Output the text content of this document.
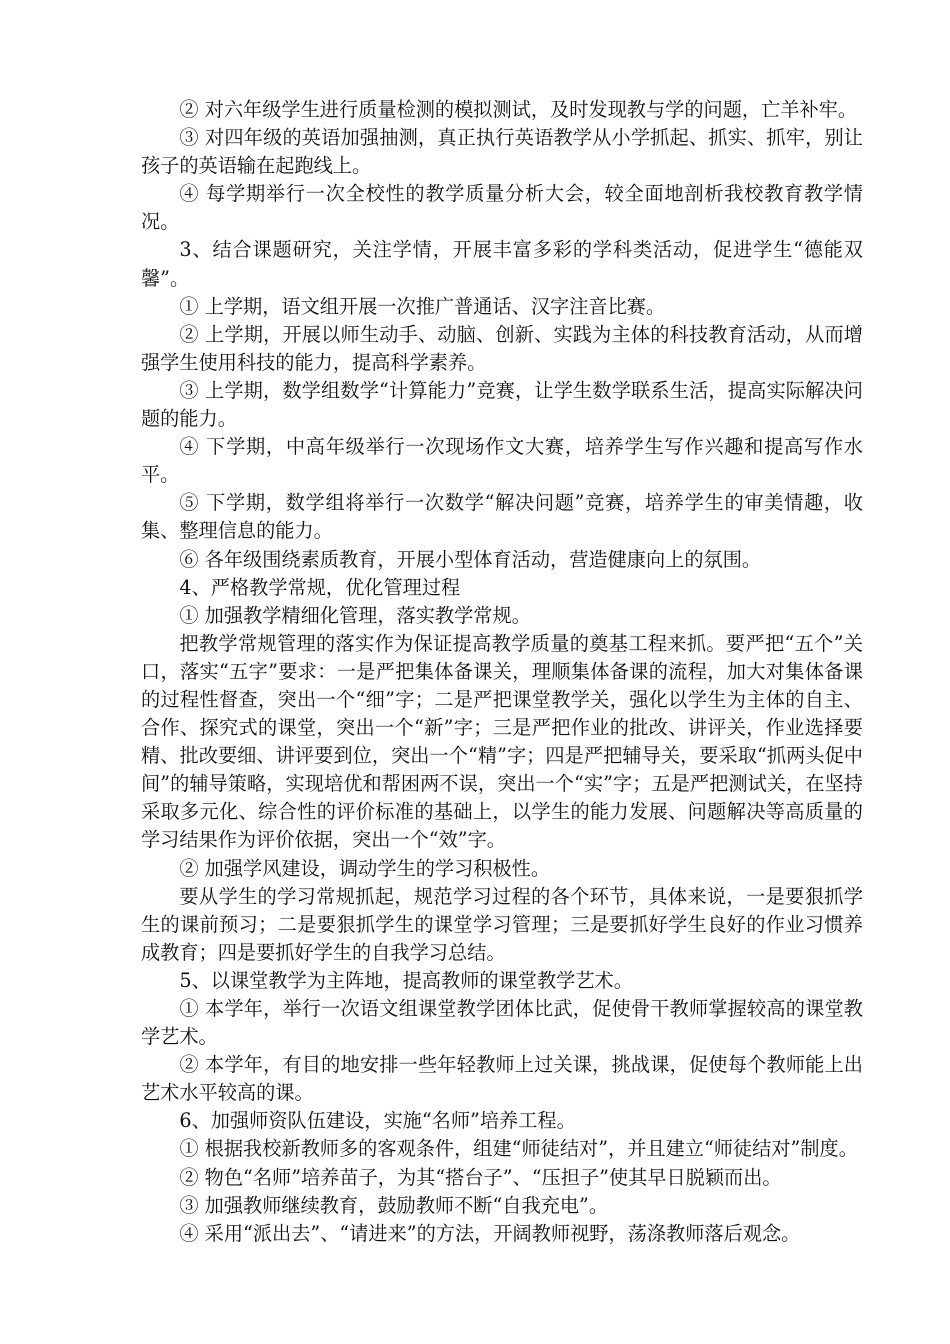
② 对六年级学生进行质量检测的模拟测试，及时发现教与学的问题，亡羊补牢。

③ 对四年级的英语加强抽测，真正执行英语教学从小学抓起、抓实、抓牢，别让孩子的英语输在起跑线上。

④ 每学期举行一次全校性的教学质量分析大会，较全面地剖析我校教育教学情况。

3、结合课题研究，关注学情，开展丰富多彩的学科类活动，促进学生“德能双馨”。

① 上学期，语文组开展一次推广普通话、汉字注音比赛。

② 上学期，开展以师生动手、动脑、创新、实践为主体的科技教育活动，从而增强学生使用科技的能力，提高科学素养。

③ 上学期，数学组数学“计算能力”竞赛，让学生数学联系生活，提高实际解决问题的能力。

④ 下学期，中高年级举行一次现场作文大赛，培养学生写作兴趣和提高写作水平。

⑤ 下学期，数学组将举行一次数学“解决问题”竞赛，培养学生的审美情趣，收集、整理信息的能力。

⑥ 各年级围绕素质教育，开展小型体育活动，营造健康向上的氛围。

4、严格教学常规，优化管理过程

① 加强教学精细化管理，落实教学常规。

把教学常规管理的落实作为保证提高教学质量的奠基工程来抓。要严把“五个”关口，落实“五字”要求：一是严把集体备课关，理顺集体备课的流程，加大对集体备课的过程性督查，突出一个“细”字；二是严把课堂教学关，强化以学生为主体的自主、合作、探究式的课堂，突出一个“新”字；三是严把作业的批改、讲评关，作业选择要精、批改要细、讲评要到位，突出一个“精”字；四是严把辅导关，要采取“抓两头促中间”的辅导策略，实现培优和帮困两不误，突出一个“实”字；五是严把测试关，在坚持采取多元化、综合性的评价标准的基础上，以学生的能力发展、问题解决等高质量的学习结果作为评价依据，突出一个“效”字。

② 加强学风建设，调动学生的学习积极性。

要从学生的学习常规抓起，规范学习过程的各个环节，具体来说，一是要狠抓学生的课前预习；二是要狠抓学生的课堂学习管理；三是要抓好学生良好的作业习惯养成教育；四是要抓好学生的自我学习总结。

5、以课堂教学为主阵地，提高教师的课堂教学艺术。

① 本学年，举行一次语文组课堂教学团体比武，促使骨干教师掌握较高的课堂教学艺术。

② 本学年，有目的地安排一些年轻教师上过关课，挑战课，促使每个教师能上出艺术水平较高的课。

6、加强师资队伍建设，实施“名师”培养工程。

① 根据我校新教师多的客观条件，组建“师徒结对”，并且建立“师徒结对”制度。

② 物色“名师”培养苗子，为其“搭台子”、“压担子”使其早日脱颖而出。

③ 加强教师继续教育，鼓励教师不断“自我充电”。

④ 采用“派出去”、“请进来”的方法，开阔教师视野，荡涤教师落后观念。
